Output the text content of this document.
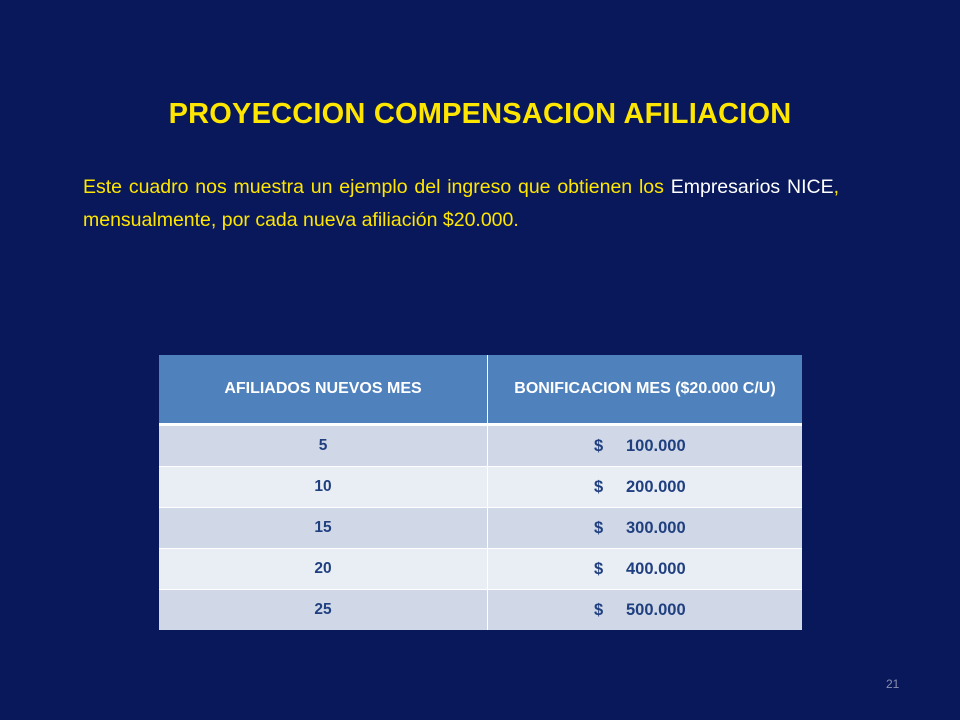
PROYECCION COMPENSACION AFILIACION
Este cuadro nos muestra un ejemplo del ingreso que obtienen los Empresarios NICE, mensualmente, por cada nueva afiliación $20.000.
AFILIADOS NUEVOS MES	BONIFICACION MES ($20.000 C/U)
5	$ 100.000
10	$ 200.000
15	$ 300.000
20	$ 400.000
25	$ 500.000
21
